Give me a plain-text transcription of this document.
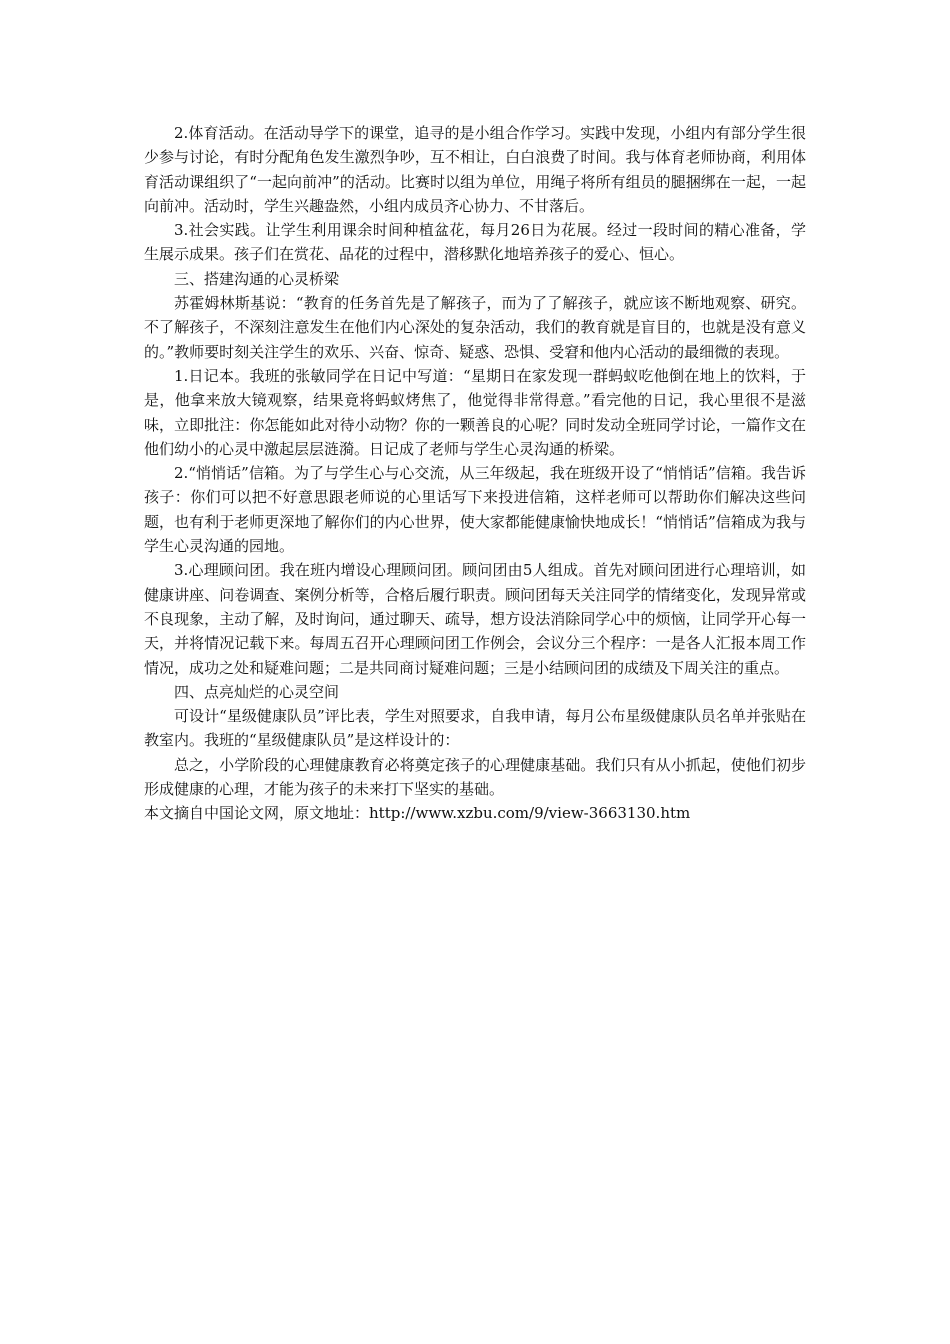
2.体育活动。在活动导学下的课堂，追寻的是小组合作学习。实践中发现，小组内有部分学生很少参与讨论，有时分配角色发生激烈争吵，互不相让，白白浪费了时间。我与体育老师协商，利用体育活动课组织了“一起向前冲”的活动。比赛时以组为单位，用绳子将所有组员的腿捆绑在一起，一起向前冲。活动时，学生兴趣盎然，小组内成员齐心协力、不甘落后。

3.社会实践。让学生利用课余时间种植盆花，每月26日为花展。经过一段时间的精心准备，学生展示成果。孩子们在赏花、品花的过程中，潜移默化地培养孩子的爱心、恒心。

三、搭建沟通的心灵桥梁

苏霍姆林斯基说：“教育的任务首先是了解孩子，而为了了解孩子，就应该不断地观察、研究。不了解孩子，不深刻注意发生在他们内心深处的复杂活动，我们的教育就是盲目的，也就是没有意义的。”教师要时刻关注学生的欢乐、兴奋、惊奇、疑惑、恐惧、受窘和他内心活动的最细微的表现。

1.日记本。我班的张敏同学在日记中写道：“星期日在家发现一群蚂蚁吃他倒在地上的饮料，于是，他拿来放大镜观察，结果竟将蚂蚁烤焦了，他觉得非常得意。”看完他的日记，我心里很不是滋味，立即批注：你怎能如此对待小动物？你的一颗善良的心呢？同时发动全班同学讨论，一篇作文在他们幼小的心灵中激起层层涟漪。日记成了老师与学生心灵沟通的桥梁。

2.“悄悄话”信箱。为了与学生心与心交流，从三年级起，我在班级开设了“悄悄话”信箱。我告诉孩子：你们可以把不好意思跟老师说的心里话写下来投进信箱，这样老师可以帮助你们解决这些问题，也有利于老师更深地了解你们的内心世界，使大家都能健康愉快地成长！“悄悄话”信箱成为我与学生心灵沟通的园地。

3.心理顾问团。我在班内增设心理顾问团。顾问团由5人组成。首先对顾问团进行心理培训，如健康讲座、问卷调查、案例分析等，合格后履行职责。顾问团每天关注同学的情绪变化，发现异常或不良现象，主动了解，及时询问，通过聊天、疏导，想方设法消除同学心中的烦恼，让同学开心每一天，并将情况记载下来。每周五召开心理顾问团工作例会，会议分三个程序：一是各人汇报本周工作情况，成功之处和疑难问题；二是共同商讨疑难问题；三是小结顾问团的成绩及下周关注的重点。

四、点亮灿烂的心灵空间

可设计“星级健康队员”评比表，学生对照要求，自我申请，每月公布星级健康队员名单并张贴在教室内。我班的“星级健康队员”是这样设计的：

总之，小学阶段的心理健康教育必将奠定孩子的心理健康基础。我们只有从小抓起，使他们初步形成健康的心理，才能为孩子的未来打下坚实的基础。

本文摘自中国论文网，原文地址：http://www.xzbu.com/9/view-3663130.htm
